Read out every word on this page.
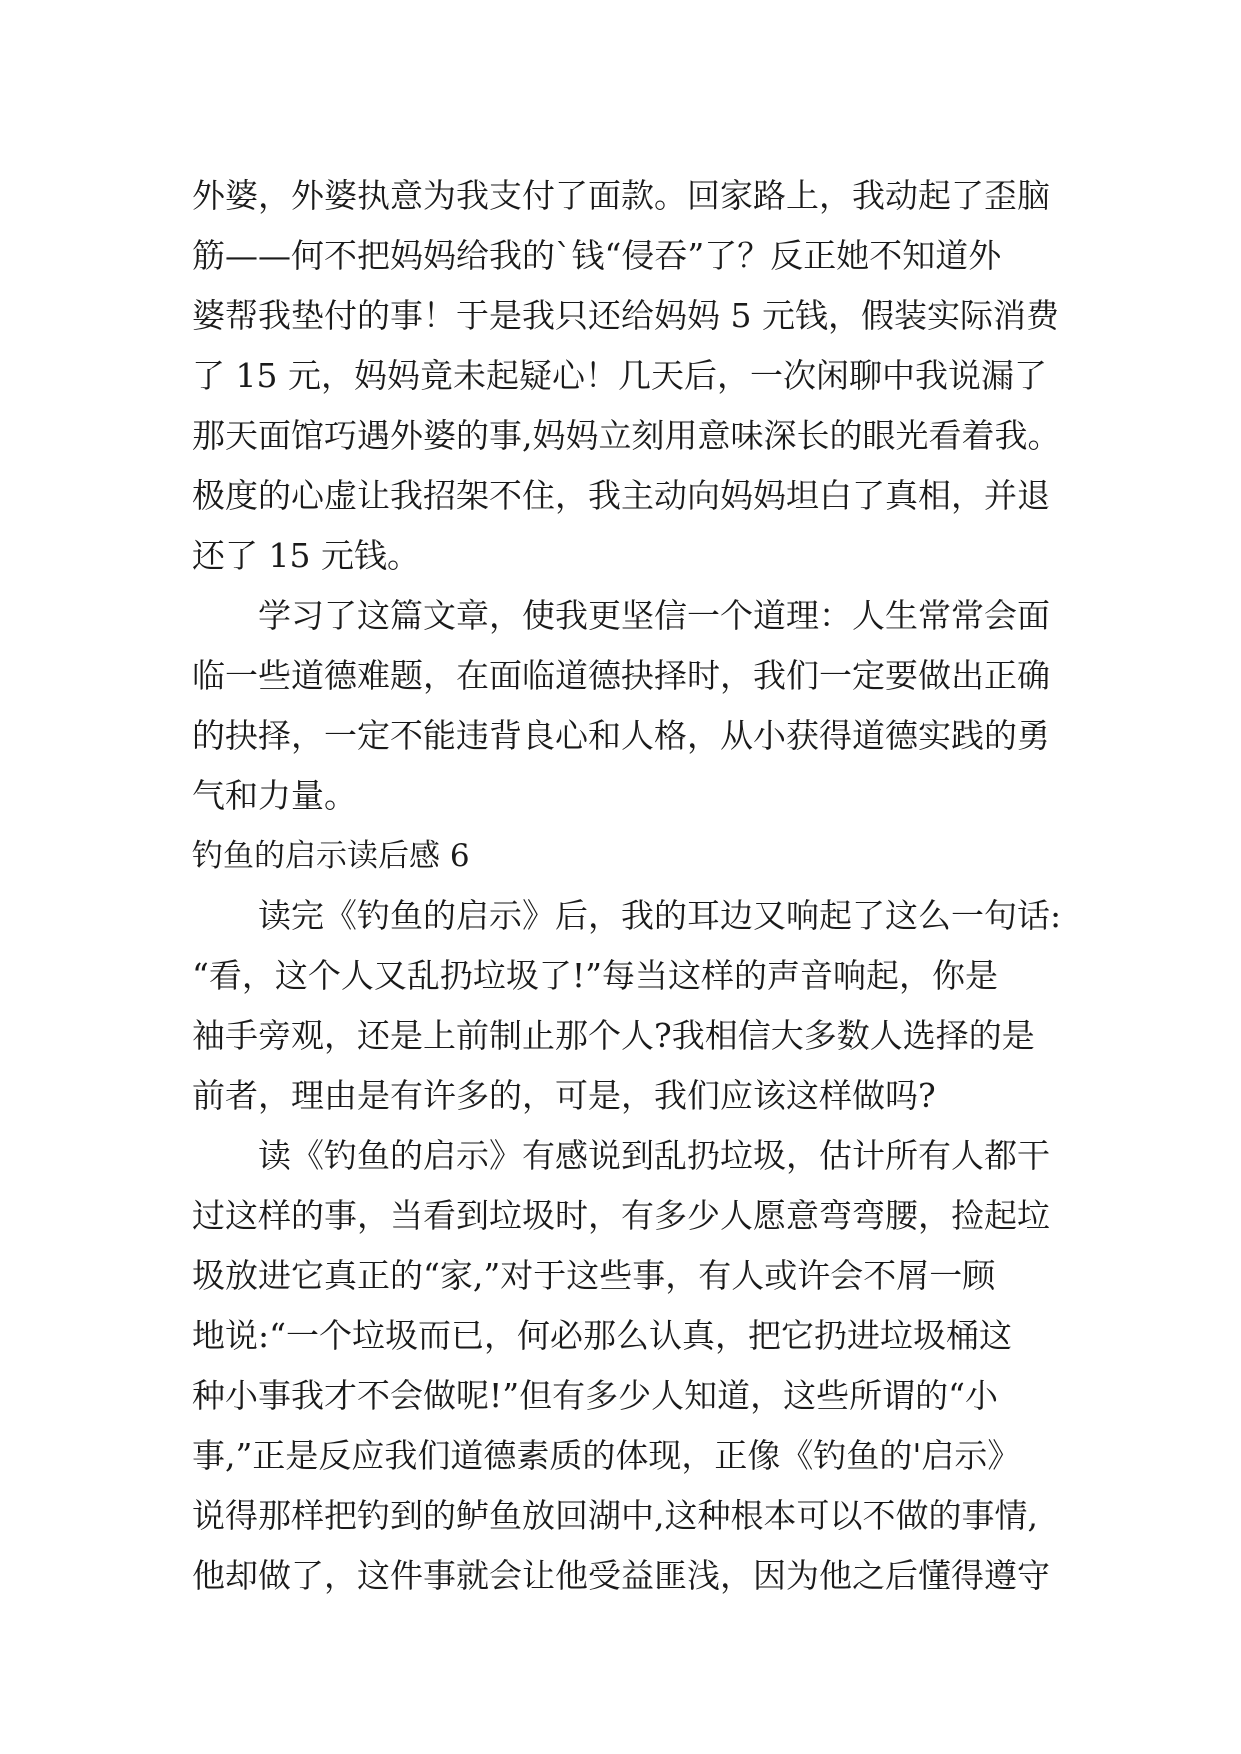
外婆，外婆执意为我支付了面款。回家路上，我动起了歪脑
筋——何不把妈妈给我的`钱“侵吞”了？反正她不知道外
婆帮我垫付的事！于是我只还给妈妈 5 元钱，假装实际消费
了 15 元，妈妈竟未起疑心！几天后，一次闲聊中我说漏了
那天面馆巧遇外婆的事,妈妈立刻用意味深长的眼光看着我。
极度的心虚让我招架不住，我主动向妈妈坦白了真相，并退
还了 15 元钱。
学习了这篇文章，使我更坚信一个道理：人生常常会面
临一些道德难题，在面临道德抉择时，我们一定要做出正确
的抉择，一定不能违背良心和人格，从小获得道德实践的勇
气和力量。
钓鱼的启示读后感 6
读完《钓鱼的启示》后，我的耳边又响起了这么一句话:
“看，这个人又乱扔垃圾了!”每当这样的声音响起，你是
袖手旁观，还是上前制止那个人?我相信大多数人选择的是
前者，理由是有许多的，可是，我们应该这样做吗?
读《钓鱼的启示》有感说到乱扔垃圾，估计所有人都干
过这样的事，当看到垃圾时，有多少人愿意弯弯腰，捡起垃
圾放进它真正的“家,”对于这些事，有人或许会不屑一顾
地说:“一个垃圾而已，何必那么认真，把它扔进垃圾桶这
种小事我才不会做呢!”但有多少人知道，这些所谓的“小
事,”正是反应我们道德素质的体现，正像《钓鱼的'启示》
说得那样把钓到的鲈鱼放回湖中,这种根本可以不做的事情,
他却做了，这件事就会让他受益匪浅，因为他之后懂得遵守
